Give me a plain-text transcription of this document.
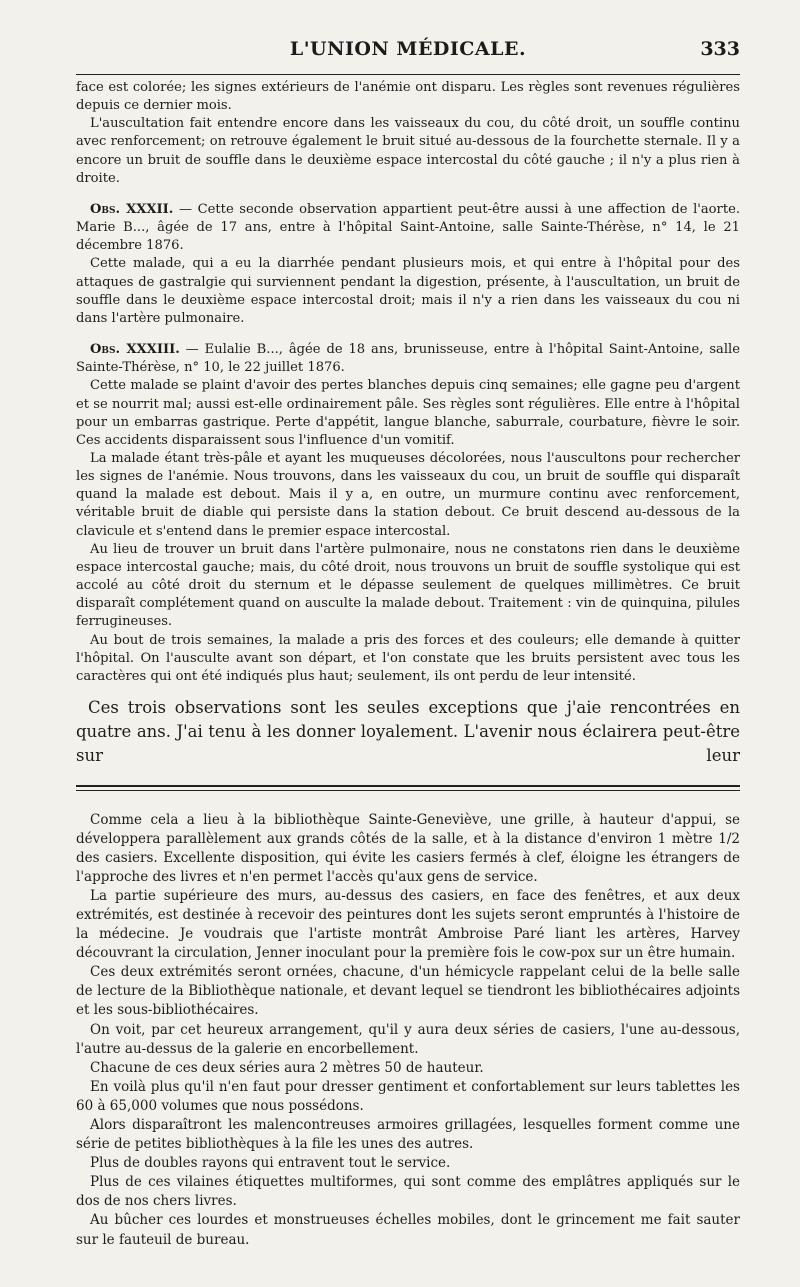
L'UNION MÉDICALE.	333

face est colorée; les signes extérieurs de l'anémie ont disparu. Les règles sont revenues régulières depuis ce dernier mois.

L'auscultation fait entendre encore dans les vaisseaux du cou, du côté droit, un souffle continu avec renforcement; on retrouve également le bruit situé au-dessous de la fourchette sternale. Il y a encore un bruit de souffle dans le deuxième espace intercostal du côté gauche ; il n'y a plus rien à droite.

Obs. XXXII. — Cette seconde observation appartient peut-être aussi à une affection de l'aorte. Marie B..., âgée de 17 ans, entre à l'hôpital Saint-Antoine, salle Sainte-Thérèse, n° 14, le 21 décembre 1876.

Cette malade, qui a eu la diarrhée pendant plusieurs mois, et qui entre à l'hôpital pour des attaques de gastralgie qui surviennent pendant la digestion, présente, à l'auscultation, un bruit de souffle dans le deuxième espace intercostal droit; mais il n'y a rien dans les vaisseaux du cou ni dans l'artère pulmonaire.

Obs. XXXIII. — Eulalie B..., âgée de 18 ans, brunisseuse, entre à l'hôpital Saint-Antoine, salle Sainte-Thérèse, n° 10, le 22 juillet 1876.

Cette malade se plaint d'avoir des pertes blanches depuis cinq semaines; elle gagne peu d'argent et se nourrit mal; aussi est-elle ordinairement pâle. Ses règles sont régulières. Elle entre à l'hôpital pour un embarras gastrique. Perte d'appétit, langue blanche, saburrale, courbature, fièvre le soir. Ces accidents disparaissent sous l'influence d'un vomitif.

La malade étant très-pâle et ayant les muqueuses décolorées, nous l'auscultons pour rechercher les signes de l'anémie. Nous trouvons, dans les vaisseaux du cou, un bruit de souffle qui disparaît quand la malade est debout. Mais il y a, en outre, un murmure continu avec renforcement, véritable bruit de diable qui persiste dans la station debout. Ce bruit descend au-dessous de la clavicule et s'entend dans le premier espace intercostal.

Au lieu de trouver un bruit dans l'artère pulmonaire, nous ne constatons rien dans le deuxième espace intercostal gauche; mais, du côté droit, nous trouvons un bruit de souffle systolique qui est accolé au côté droit du sternum et le dépasse seulement de quelques millimètres. Ce bruit disparaît complétement quand on ausculte la malade debout. Traitement : vin de quinquina, pilules ferrugineuses.

Au bout de trois semaines, la malade a pris des forces et des couleurs; elle demande à quitter l'hôpital. On l'ausculte avant son départ, et l'on constate que les bruits persistent avec tous les caractères qui ont été indiqués plus haut; seulement, ils ont perdu de leur intensité.

Ces trois observations sont les seules exceptions que j'aie rencontrées en quatre ans. J'ai tenu à les donner loyalement. L'avenir nous éclairera peut-être sur leur

Comme cela a lieu à la bibliothèque Sainte-Geneviève, une grille, à hauteur d'appui, se développera parallèlement aux grands côtés de la salle, et à la distance d'environ 1 mètre 1/2 des casiers. Excellente disposition, qui évite les casiers fermés à clef, éloigne les étrangers de l'approche des livres et n'en permet l'accès qu'aux gens de service.

La partie supérieure des murs, au-dessus des casiers, en face des fenêtres, et aux deux extrémités, est destinée à recevoir des peintures dont les sujets seront empruntés à l'histoire de la médecine. Je voudrais que l'artiste montrât Ambroise Paré liant les artères, Harvey découvrant la circulation, Jenner inoculant pour la première fois le cow-pox sur un être humain.

Ces deux extrémités seront ornées, chacune, d'un hémicycle rappelant celui de la belle salle de lecture de la Bibliothèque nationale, et devant lequel se tiendront les bibliothécaires adjoints et les sous-bibliothécaires.

On voit, par cet heureux arrangement, qu'il y aura deux séries de casiers, l'une au-dessous, l'autre au-dessus de la galerie en encorbellement.

Chacune de ces deux séries aura 2 mètres 50 de hauteur.

En voilà plus qu'il n'en faut pour dresser gentiment et confortablement sur leurs tablettes les 60 à 65,000 volumes que nous possédons.

Alors disparaîtront les malencontreuses armoires grillagées, lesquelles forment comme une série de petites bibliothèques à la file les unes des autres.

Plus de doubles rayons qui entravent tout le service.

Plus de ces vilaines étiquettes multiformes, qui sont comme des emplâtres appliqués sur le dos de nos chers livres.

Au bûcher ces lourdes et monstrueuses échelles mobiles, dont le grincement me fait sauter sur le fauteuil de bureau.
